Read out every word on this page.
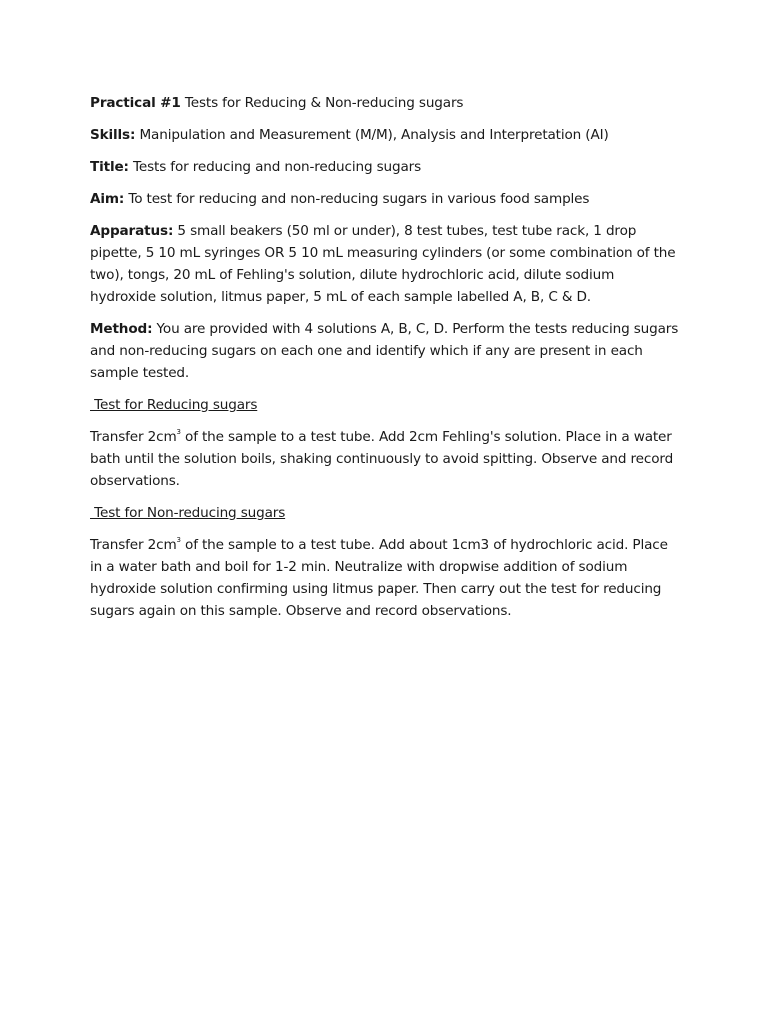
Practical #1 Tests for Reducing & Non-reducing sugars

Skills: Manipulation and Measurement (M/M), Analysis and Interpretation (AI)

Title: Tests for reducing and non-reducing sugars

Aim: To test for reducing and non-reducing sugars in various food samples

Apparatus: 5 small beakers (50 ml or under), 8 test tubes, test tube rack, 1 drop pipette, 5 10 mL syringes OR 5 10 mL measuring cylinders (or some combination of the two), tongs, 20 mL of Fehling's solution, dilute hydrochloric acid, dilute sodium hydroxide solution, litmus paper, 5 mL of each sample labelled A, B, C & D.

Method: You are provided with 4 solutions A, B, C, D. Perform the tests reducing sugars and non-reducing sugars on each one and identify which if any are present in each sample tested.

Test for Reducing sugars

Transfer $2cm^3$ of the sample to a test tube. Add 2cm Fehling's solution. Place in a water bath until the solution boils, shaking continuously to avoid spitting. Observe and record observations.

Test for Non-reducing sugars

Transfer $2cm^3$ of the sample to a test tube. Add about 1cm3 of hydrochloric acid. Place in a water bath and boil for 1-2 min. Neutralize with dropwise addition of sodium hydroxide solution confirming using litmus paper. Then carry out the test for reducing sugars again on this sample. Observe and record observations.
